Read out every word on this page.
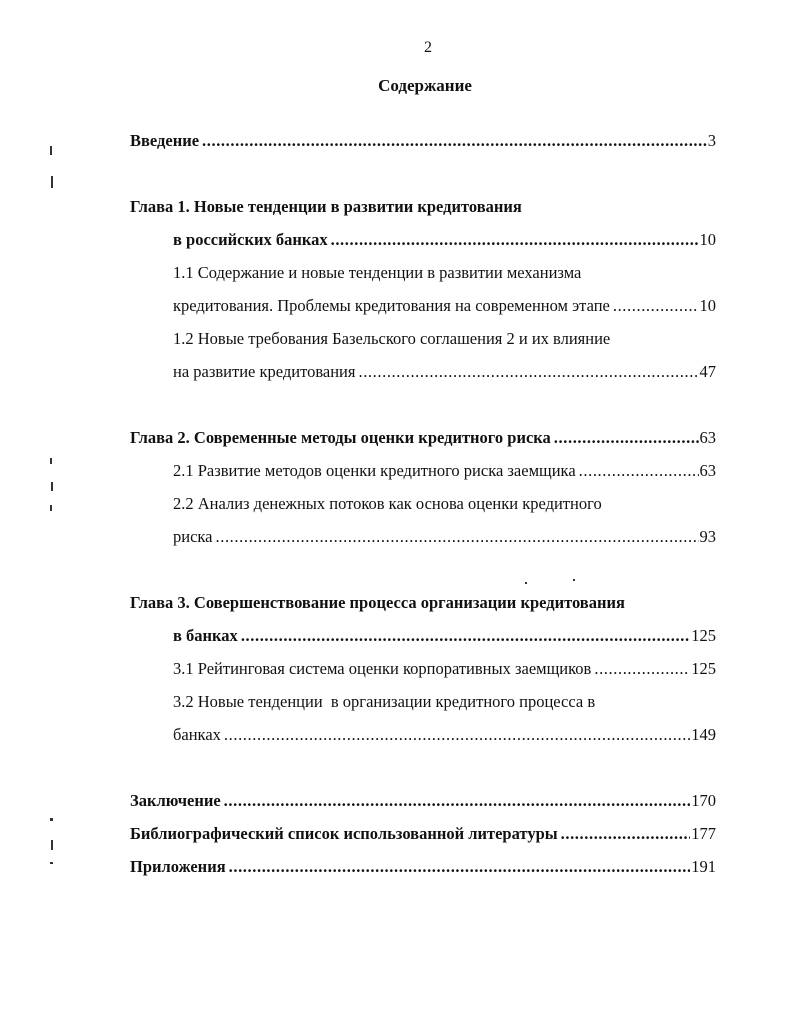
2
Содержание
Введение .....	3
Глава 1. Новые тенденции в развитии кредитования
в российских банках .....	10
1.1 Содержание и новые тенденции в развитии механизма
кредитования. Проблемы кредитования на современном этапе .....	10
1.2 Новые требования Базельского соглашения 2 и их влияние
на развитие кредитования .....	47
Глава 2. Современные методы оценки кредитного риска .....	63
2.1 Развитие методов оценки кредитного риска заемщика .....	63
2.2 Анализ денежных потоков как основа оценки кредитного
риска .....	93
Глава 3. Совершенствование процесса организации кредитования
в банках .....	125
3.1 Рейтинговая система оценки корпоративных заемщиков .....	125
3.2 Новые тенденции  в организации кредитного процесса в
банках .....	149
Заключение .....	170
Библиографический список использованной литературы .....	177
Приложения .....	191
